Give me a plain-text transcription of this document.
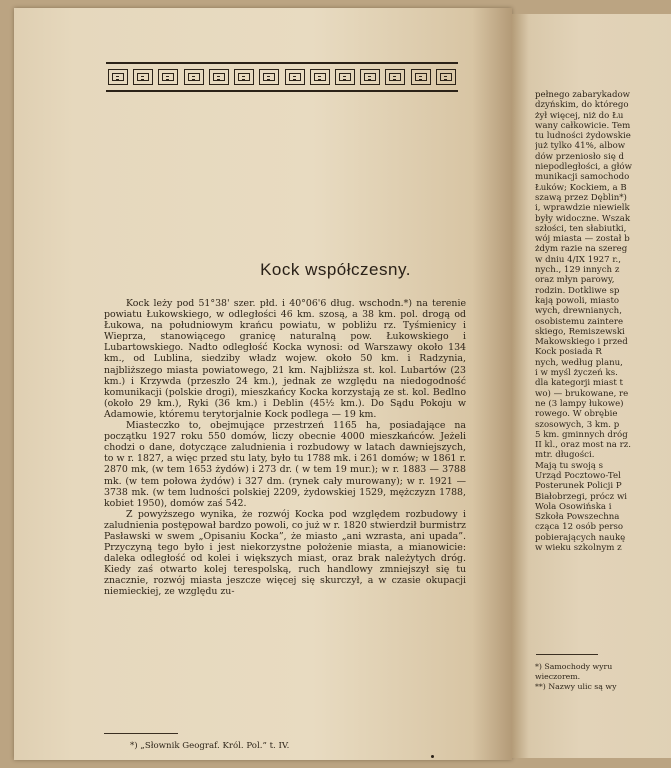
Kock współczesny.

Kock leży pod 51°38' szer. płd. i 40°06'6 dług. wschodn.*) na terenie powiatu Łukowskiego, w odległości 46 km. szosą, a 38 km. pol. drogą od Łukowa, na południowym krańcu powiatu, w pobliżu rz. Tyśmienicy i Wieprza, stanowiącego granicę naturalną pow. Łukowskiego i Lubartowskiego. Nadto odległość Kocka wynosi: od Warszawy około 134 km., od Lublina, siedziby władz wojew. około 50 km. i Radzynia, najbliższego miasta powiatowego, 21 km. Najbliższa st. kol. Lubartów (23 km.) i Krzywda (przeszło 24 km.), jednak ze względu na niedogodność komunikacji (polskie drogi), mieszkańcy Kocka korzystają ze st. kol. Bedlno (około 29 km.), Ryki (36 km.) i Deblin (45½ km.). Do Sądu Pokoju w Adamowie, któremu terytorjalnie Kock podlega — 19 km.

Miasteczko to, obejmujące przestrzeń 1165 ha, posiadające na początku 1927 roku 550 domów, liczy obecnie 4000 mieszkańców. Jeżeli chodzi o dane, dotyczące zaludnienia i rozbudowy w latach dawniejszych, to w r. 1827, a więc przed stu laty, było tu 1788 mk. i 261 domów; w 1861 r. 2870 mk, (w tem 1653 żydów) i 273 dr. ( w tem 19 mur.); w r. 1883 — 3788 mk. (w tem połowa żydów) i 327 dm. (rynek cały murowany); w r. 1921 — 3738 mk. (w tem ludności polskiej 2209, żydowskiej 1529, mężczyzn 1788, kobiet 1950), domów zaś 542.

Z powyższego wynika, że rozwój Kocka pod względem rozbudowy i zaludnienia postępował bardzo powoli, co już w r. 1820 stwierdził burmistrz Pasławski w swem „Opisaniu Kocka”, że miasto „ani wzrasta, ani upada”. Przyczyną tego było i jest niekorzystne położenie miasta, a mianowicie: daleka odległość od kolei i większych miast, oraz brak należytych dróg. Kiedy zaś otwarto kolej terespolską, ruch handlowy zmniejszył się tu znacznie, rozwój miasta jeszcze więcej się skurczył, a w czasie okupacji niemieckiej, ze względu zu-

*) „Słownik Geograf. Król. Pol.” t. IV.
pełnego zabarykadow
dzyńskim, do którego
żył więcej, niż do Łu
wany całkowicie. Tem
tu ludności żydowskie
już tylko 41%, albow
dów przeniosło się d
niepodległości, a głów
munikacji samochodo
Łuków; Kockiem, a B
szawą przez Dęblin*)
i, wprawdzie niewielk
były widoczne. Wszak
szłości, ten słabiutki,
wój miasta — został b
żdym razie na szereg
w dniu 4/IX 1927 r.,
nych., 129 innych z
oraz młyn parowy,
rodzin. Dotkliwe sp
kają powoli, miasto
wych, drewnianych,
osobistemu zaintere
skiego, Remiszewski
Makowskiego i przed
Kock posiada R
nych, według planu,
i w myśl życzeń ks.
dla kategorji miast t
wo) — brukowane, re
ne (3 lampy łukowe)
rowego. W obrębie
szosowych, 3 km. p
5 km. gminnych dróg
II kl., oraz most na rz.
mtr. długości.
Mają tu swoją s
Urząd Pocztowo-Tel
Posterunek Policji P
Białobrzegi, prócz wi
Wola Osowińska i
Szkoła Powszechna
cząca 12 osób perso
pobierających naukę
w wieku szkolnym z
*) Samochody wyru
wieczorem.
**) Nazwy ulic są wy
